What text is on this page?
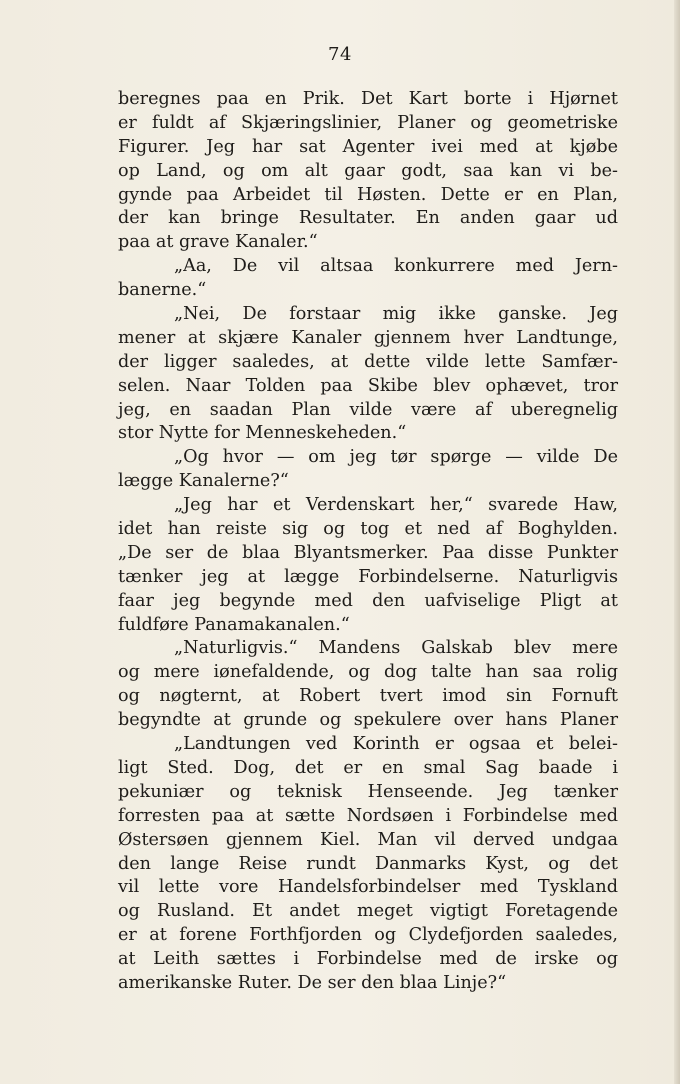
74
beregnes paa en Prik. Det Kart borte i Hjørnet
er fuldt af Skjæringslinier, Planer og geometriske
Figurer. Jeg har sat Agenter ivei med at kjøbe
op Land, og om alt gaar godt, saa kan vi be-
gynde paa Arbeidet til Høsten. Dette er en Plan,
der kan bringe Resultater. En anden gaar ud
paa at grave Kanaler.“
„Aa, De vil altsaa konkurrere med Jern-
banerne.“
„Nei, De forstaar mig ikke ganske. Jeg
mener at skjære Kanaler gjennem hver Landtunge,
der ligger saaledes, at dette vilde lette Samfær-
selen. Naar Tolden paa Skibe blev ophævet, tror
jeg, en saadan Plan vilde være af uberegnelig
stor Nytte for Menneskeheden.“
„Og hvor — om jeg tør spørge — vilde De
lægge Kanalerne?“
„Jeg har et Verdenskart her,“ svarede Haw,
idet han reiste sig og tog et ned af Boghylden.
„De ser de blaa Blyantsmerker. Paa disse Punkter
tænker jeg at lægge Forbindelserne. Naturligvis
faar jeg begynde med den uafviselige Pligt at
fuldføre Panamakanalen.“
„Naturligvis.“ Mandens Galskab blev mere
og mere iønefaldende, og dog talte han saa rolig
og nøgternt, at Robert tvert imod sin Fornuft
begyndte at grunde og spekulere over hans Planer
„Landtungen ved Korinth er ogsaa et belei-
ligt Sted. Dog, det er en smal Sag baade i
pekuniær og teknisk Henseende. Jeg tænker
forresten paa at sætte Nordsøen i Forbindelse med
Østersøen gjennem Kiel. Man vil derved undgaa
den lange Reise rundt Danmarks Kyst, og det
vil lette vore Handelsforbindelser med Tyskland
og Rusland. Et andet meget vigtigt Foretagende
er at forene Forthfjorden og Clydefjorden saaledes,
at Leith sættes i Forbindelse med de irske og
amerikanske Ruter. De ser den blaa Linje?“
